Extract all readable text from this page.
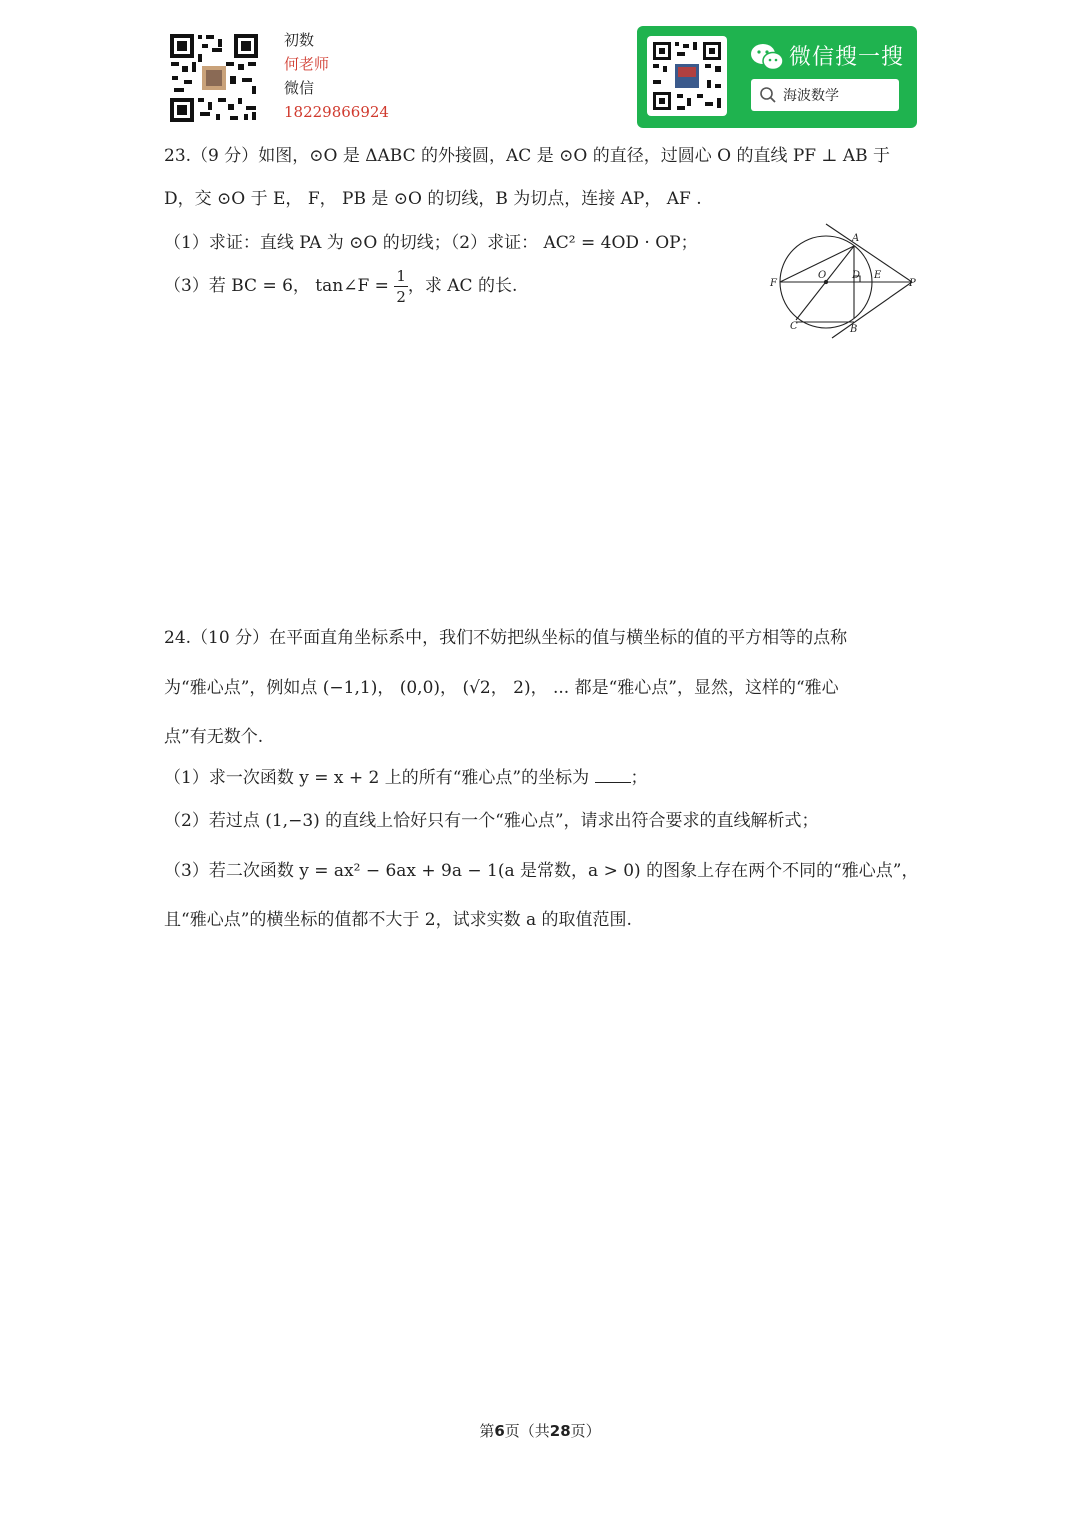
初数
何老师
微信
18229866924
微信搜一搜
海波数学
23.（9 分）如图，⊙O 是 ΔABC 的外接圆，AC 是 ⊙O 的直径，过圆心 O 的直线 PF ⊥ AB 于
D，交 ⊙O 于 E， F， PB 是 ⊙O 的切线，B 为切点，连接 AP， AF .
（1）求证：直线 PA 为 ⊙O 的切线；（2）求证： AC² = 4OD · OP；
（3）若 BC = 6， tan∠F = $\frac{1}{2}$ ，求 AC 的长.
A
O	D E
F	P
C	B
24.（10 分）在平面直角坐标系中，我们不妨把纵坐标的值与横坐标的值的平方相等的点称
为“雅心点”，例如点 (−1,1)， (0,0)， (√2， 2)， ... 都是“雅心点”，显然，这样的“雅心
点”有无数个.
（1）求一次函数 y = x + 2 上的所有“雅心点”的坐标为 ；
（2）若过点 (1,−3) 的直线上恰好只有一个“雅心点”，请求出符合要求的直线解析式；
（3）若二次函数 y = ax² − 6ax + 9a − 1(a 是常数，a > 0) 的图象上存在两个不同的“雅心点”，
且“雅心点”的横坐标的值都不大于 2，试求实数 a 的取值范围.
第6页（共28页）
